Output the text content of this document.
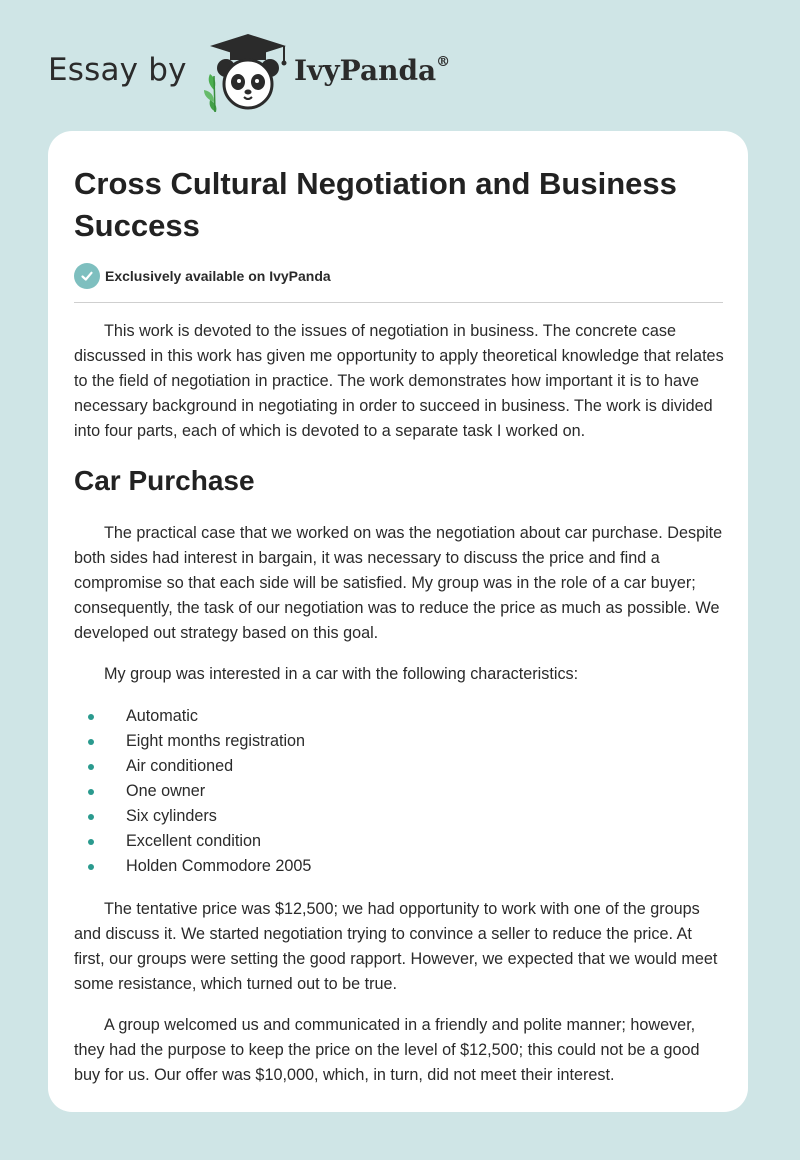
Essay by	IvyPanda®
Cross Cultural Negotiation and Business Success
Exclusively available on IvyPanda

This work is devoted to the issues of negotiation in business. The concrete case discussed in this work has given me opportunity to apply theoretical knowledge that relates to the field of negotiation in practice. The work demonstrates how important it is to have necessary background in negotiating in order to succeed in business. The work is divided into four parts, each of which is devoted to a separate task I worked on.

Car Purchase

The practical case that we worked on was the negotiation about car purchase. Despite both sides had interest in bargain, it was necessary to discuss the price and find a compromise so that each side will be satisfied. My group was in the role of a car buyer; consequently, the task of our negotiation was to reduce the price as much as possible. We developed out strategy based on this goal.

My group was interested in a car with the following characteristics:

Automatic
Eight months registration
Air conditioned
One owner
Six cylinders
Excellent condition
Holden Commodore 2005

The tentative price was $12,500; we had opportunity to work with one of the groups and discuss it. We started negotiation trying to convince a seller to reduce the price. At first, our groups were setting the good rapport. However, we expected that we would meet some resistance, which turned out to be true.

A group welcomed us and communicated in a friendly and polite manner; however, they had the purpose to keep the price on the level of $12,500; this could not be a good buy for us. Our offer was $10,000, which, in turn, did not meet their interest.
